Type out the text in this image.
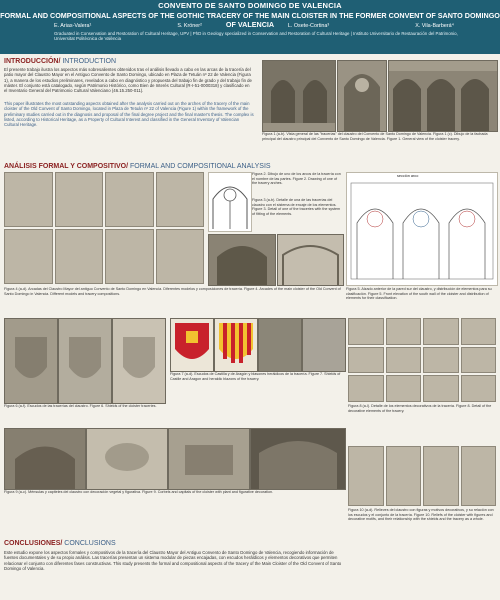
CONVENTO DE SANTO DOMINGO DE VALENCIA
FORMAL AND COMPOSITIONAL ASPECTS OF THE GOTHIC TRACERY OF THE MAIN CLOISTER IN THE FORMER CONVENT OF SANTO DOMINGO OF VALENCIA
E. Arias-Valera¹	S. Kröner²	L. Osete-Cortina³	X. Vila-Barberá⁴
Graduated in Conservation and Restoration of Cultural Heritage, UPV | PhD in Geology specialized in Conservation and Restoration of Cultural Heritage | Instituto Universitario de Restauración del Patrimonio, Universitat Politècnica de València
INTRODUCCIÓN/ INTRODUCTION
El presente trabajo ilustra los aspectos más sobresalientes obtenidos tras el análisis llevado a cabo en las arcas de la tracería del patio mayor del Claustro Mayor en el Antiguo Convento de Santo Domingo, ubicado en Plaza de Tetuán nº 22 de Valencia (Figura 1), a manera de los estudios preliminares, revelados a cabo en diagnóstico y propuesta del trabajo fin de grado y del trabajo fin de máster. El conjunto está catalogado, según Patrimonio Histórico, como Bien de Interés Cultural (R-I-51-0000318) y clasificado en el Inventario General del Patrimonio Cultural Valenciano (46.15.250-011).
This paper illustrates the most outstanding aspects obtained after the analysis carried out on the arches of the tracery of the main cloister of the Old Convent of Santo Domingo, located in Plaza de Tetuán nº 22 of Valencia (Figure 1) within the framework of the preliminary studies carried out in the diagnosis and proposal of the final degree project and the final master's thesis. The complex is listed, according to Historical Heritage, as a Property of Cultural Interest and classified in the General Inventory of Valencian Cultural Heritage.
Figura 1 (a-b). Vista general de las "tracerías" del claustro del Convento de Santo Domingo de Valencia. Figura 1 (c). Dibujo de la fachada principal del claustro principal del Convento de Santo Domingo de Valencia. Figure 1. General view of the cloister tracery.
ANÁLISIS FORMAL Y COMPOSITIVO/ FORMAL AND COMPOSITIONAL ANALYSIS
Figura 2. Dibujo de uno de los arcos de la tracería con el nombre de las partes. Figure 2. Drawing of one of the tracery arches.
Figura 3 (a-b). Detalle de una de las tracerías del claustro con el sistema de encaje de los elementos. Figure 3. Detail of one of the traceries with the system of fitting of the elements.
sección arco
Figura 4 (a-d). Arcadas del Claustro Mayor del antiguo Convento de Santo Domingo en Valencia. Diferentes modelos y composiciones de tracería. Figure 4. Arcades of the main cloister of the Old Convent of Santo Domingo in Valencia. Different models and tracery compositions.
Figura 5. Alzado anterior de la pared sur del claustro, y distribución de elementos para su clasificación. Figure 5. Front elevation of the south wall of the cloister and distribution of elements for their classification.
Figura 6 (a-f). Escudos de las tracerías del claustro. Figure 6. Shields of the cloister traceries.
Figura 7 (a-d). Escudos de Castilla y de Aragón y blasones heráldicos de la tracería. Figure 7. Shields of Castile and Aragon and heraldic blazons of the tracery.
Figura 8 (a-l). Detalle de los elementos decorativos de la tracería. Figure 8. Detail of the decorative elements of the tracery.
Figura 9 (a-c). Ménsulas y capiteles del claustro con decoración vegetal y figurativa. Figure 9. Corbels and capitals of the cloister with plant and figurative decoration.
Figura 10 (a-d). Relieves del claustro con figuras y motivos decorativos, y su relación con los escudos y el conjunto de la tracería. Figure 10. Reliefs of the cloister with figures and decorative motifs, and their relationship with the shields and the tracery as a whole.
CONCLUSIONES/ CONCLUSIONS
Este estudio expone los aspectos formales y compositivos de la tracería del Claustro Mayor del Antiguo Convento de Santo Domingo de Valencia, recogiendo información de fuentes documentales y de su propio análisis. Las tracerías presentan un sistema modular de piezas encajadas, con escudos heráldicos y elementos decorativos que permiten relacionar el conjunto con diferentes fases constructivas. This study presents the formal and compositional aspects of the tracery of the Main Cloister of the Old Convent of Santo Domingo of Valencia.
